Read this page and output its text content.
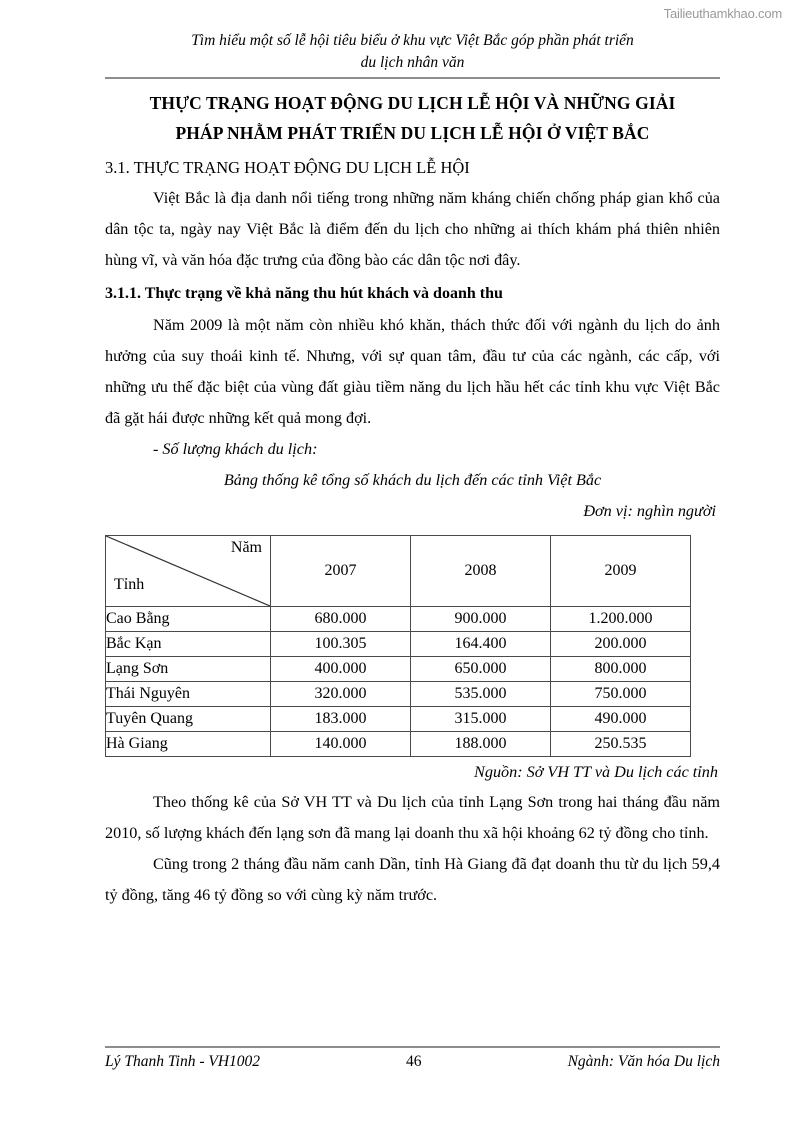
Tailieuthamkhao.com
Tìm hiểu một số lễ hội tiêu biểu ở khu vực Việt Bắc góp phần phát triển
du lịch nhân văn
THỰC TRẠNG HOẠT ĐỘNG DU LỊCH LỄ HỘI VÀ NHỮNG GIẢI
PHÁP NHẰM PHÁT TRIỂN DU LỊCH LỄ HỘI Ở VIỆT BẮC
3.1. THỰC TRẠNG HOẠT ĐỘNG DU LỊCH LỄ HỘI

Việt Bắc là địa danh nổi tiếng trong những năm kháng chiến chống pháp gian khổ của dân tộc ta, ngày nay Việt Bắc là điểm đến du lịch cho những ai thích khám phá thiên nhiên hùng vĩ, và văn hóa đặc trưng của đồng bào các dân tộc nơi đây.

3.1.1. Thực trạng về khả năng thu hút khách và doanh thu

Năm 2009 là một năm còn nhiều khó khăn, thách thức đối với ngành du lịch do ảnh hưởng của suy thoái kinh tế. Nhưng, với sự quan tâm, đầu tư của các ngành, các cấp, với những ưu thế đặc biệt của vùng đất giàu tiềm năng du lịch hầu hết các tỉnh khu vực Việt Bắc đã gặt hái được những kết quả mong đợi.

- Số lượng khách du lịch:

Bảng thống kê tổng số khách du lịch đến các tỉnh Việt Bắc

Đơn vị: nghìn người

Năm
Tỉnh	2007	2008	2009
Cao Bằng	680.000	900.000	1.200.000
Bắc Kạn	100.305	164.400	200.000
Lạng Sơn	400.000	650.000	800.000
Thái Nguyên	320.000	535.000	750.000
Tuyên Quang	183.000	315.000	490.000
Hà Giang	140.000	188.000	250.535

Nguồn: Sở VH TT và Du lịch các tỉnh

Theo thống kê của Sở VH TT và Du lịch của tỉnh Lạng Sơn trong hai tháng đầu năm 2010, số lượng khách đến lạng sơn đã mang lại doanh thu xã hội khoảng 62 tỷ đồng cho tỉnh.

Cũng trong 2 tháng đầu năm canh Dần, tỉnh Hà Giang đã đạt doanh thu từ du lịch 59,4 tỷ đồng, tăng 46 tỷ đồng so với cùng kỳ năm trước.

Lý Thanh Tinh - VH1002	46	Ngành: Văn hóa Du lịch
